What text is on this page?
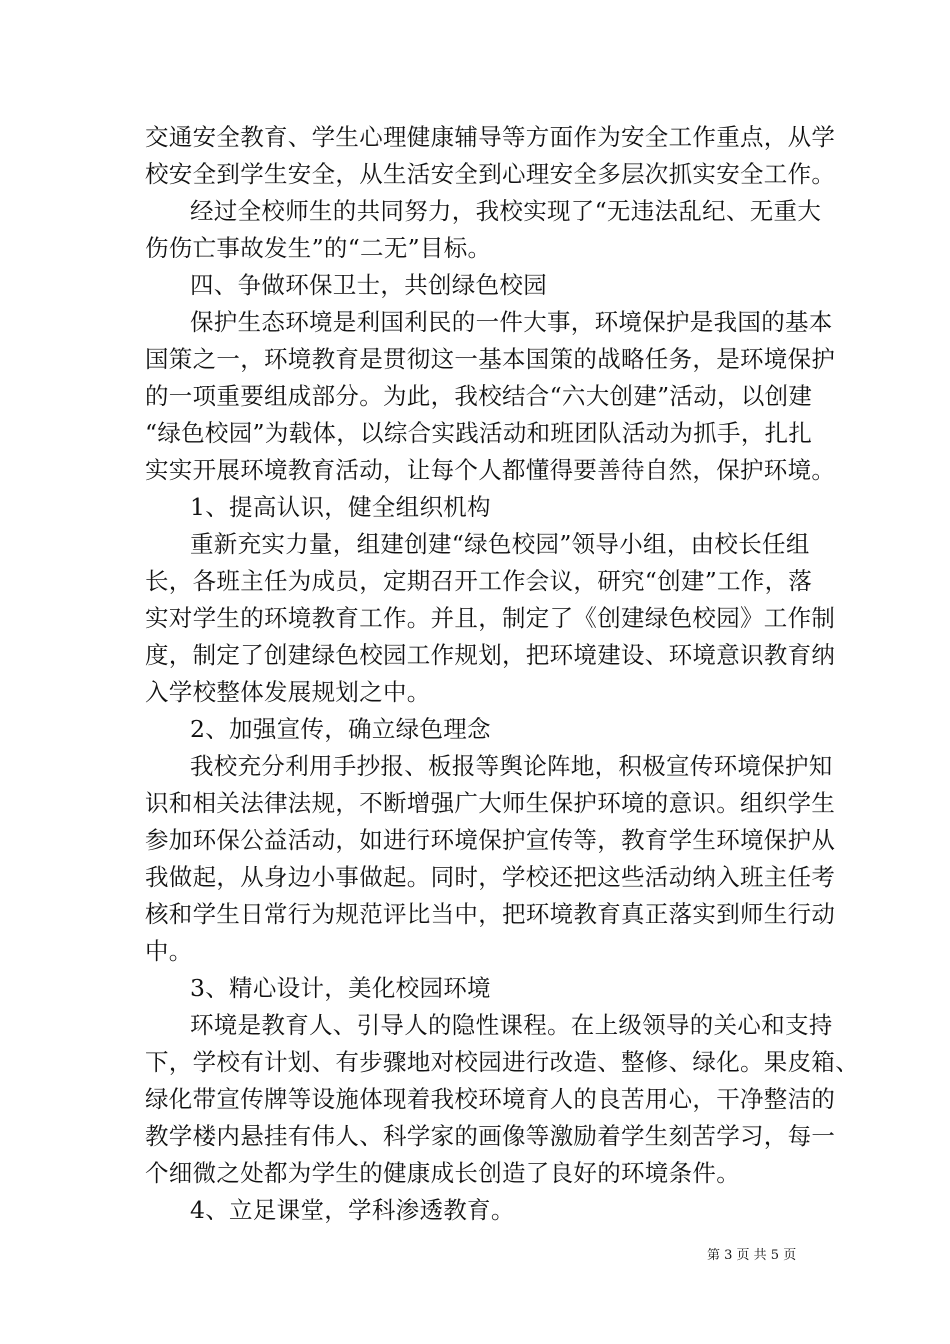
交通安全教育、学生心理健康辅导等方面作为安全工作重点，从学
校安全到学生安全，从生活安全到心理安全多层次抓实安全工作。
经过全校师生的共同努力，我校实现了“无违法乱纪、无重大
伤伤亡事故发生”的“二无”目标。
四、争做环保卫士，共创绿色校园
保护生态环境是利国利民的一件大事，环境保护是我国的基本
国策之一，环境教育是贯彻这一基本国策的战略任务，是环境保护
的一项重要组成部分。为此，我校结合“六大创建”活动，以创建
“绿色校园”为载体，以综合实践活动和班团队活动为抓手，扎扎
实实开展环境教育活动，让每个人都懂得要善待自然，保护环境。
1、提高认识，健全组织机构
重新充实力量，组建创建“绿色校园”领导小组，由校长任组
长，各班主任为成员，定期召开工作会议，研究“创建”工作，落
实对学生的环境教育工作。并且，制定了《创建绿色校园》工作制
度，制定了创建绿色校园工作规划，把环境建设、环境意识教育纳
入学校整体发展规划之中。
2、加强宣传，确立绿色理念
我校充分利用手抄报、板报等舆论阵地，积极宣传环境保护知
识和相关法律法规，不断增强广大师生保护环境的意识。组织学生
参加环保公益活动，如进行环境保护宣传等，教育学生环境保护从
我做起，从身边小事做起。同时，学校还把这些活动纳入班主任考
核和学生日常行为规范评比当中，把环境教育真正落实到师生行动
中。
3、精心设计，美化校园环境
环境是教育人、引导人的隐性课程。在上级领导的关心和支持
下，学校有计划、有步骤地对校园进行改造、整修、绿化。果皮箱、
绿化带宣传牌等设施体现着我校环境育人的良苦用心，干净整洁的
教学楼内悬挂有伟人、科学家的画像等激励着学生刻苦学习，每一
个细微之处都为学生的健康成长创造了良好的环境条件。
4、立足课堂，学科渗透教育。
第 3 页 共 5 页
